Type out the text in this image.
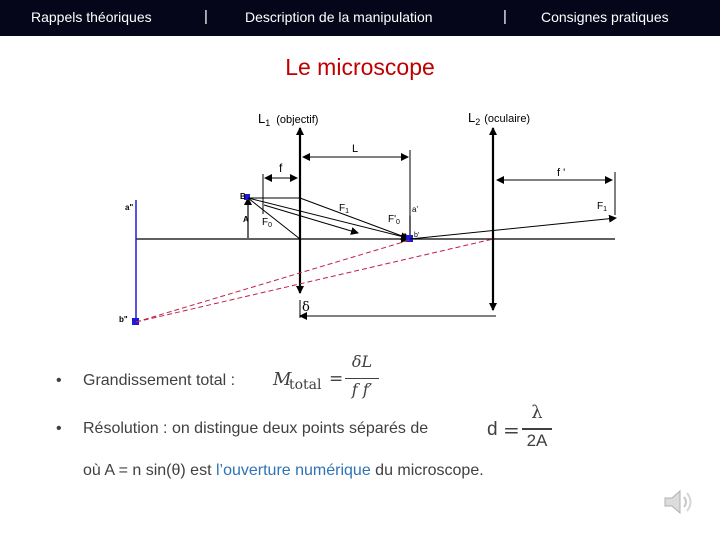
Rappels théoriques	|	Description de la manipulation	| Consignes pratiques
Le microscope
$L_1$ $^{(objectif)}$	$L_2$ $^{(oculaire)}$
L
f	f '
B
A
$F_1$	$F_1$
$F_0$
$F'_0$
a'
b'
a"
b"
δ
• Grandissement total : M
total =
δL
f f′
• Résolution : on distingue deux points séparés de	d =
λ
2A
où A = n sin(θ) est l’ouverture numérique du microscope.
